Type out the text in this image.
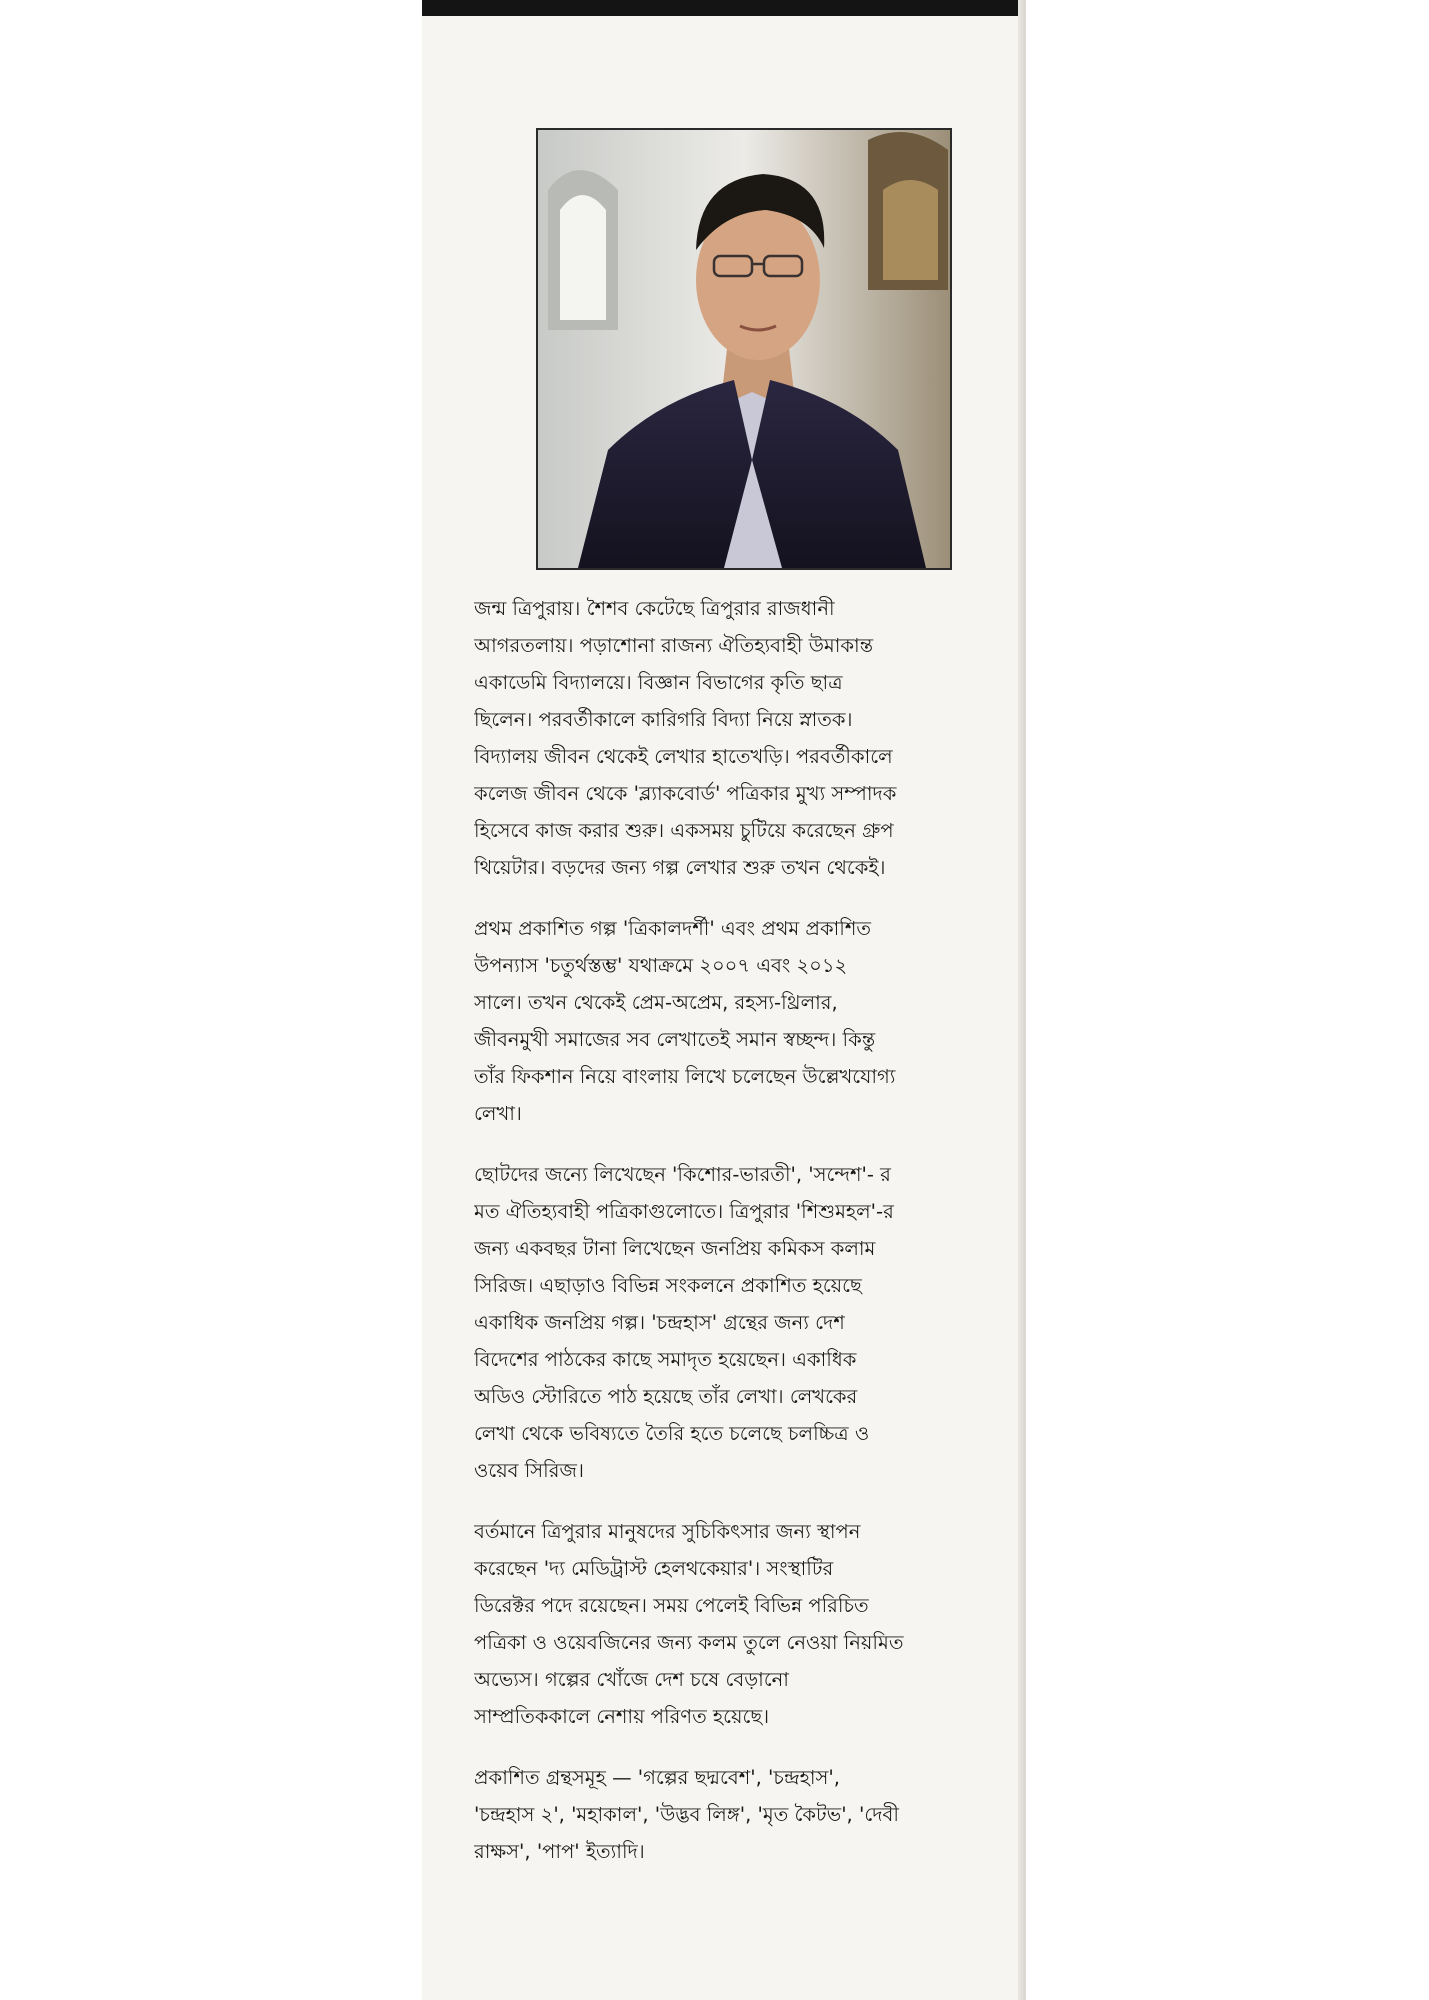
জন্ম ত্রিপুরায়। শৈশব কেটেছে ত্রিপুরার রাজধানী
আগরতলায়। পড়াশোনা রাজন্য ঐতিহ্যবাহী উমাকান্ত
একাডেমি বিদ্যালয়ে। বিজ্ঞান বিভাগের কৃতি ছাত্র
ছিলেন। পরবর্তীকালে কারিগরি বিদ্যা নিয়ে স্নাতক।
বিদ্যালয় জীবন থেকেই লেখার হাতেখড়ি। পরবর্তীকালে
কলেজ জীবন থেকে 'ব্ল্যাকবোর্ড' পত্রিকার মুখ্য সম্পাদক
হিসেবে কাজ করার শুরু। একসময় চুটিয়ে করেছেন গ্রুপ
থিয়েটার। বড়দের জন্য গল্প লেখার শুরু তখন থেকেই।

প্রথম প্রকাশিত গল্প 'ত্রিকালদর্শী' এবং প্রথম প্রকাশিত
উপন্যাস 'চতুর্থস্তম্ভ' যথাক্রমে ২০০৭ এবং ২০১২
সালে। তখন থেকেই প্রেম-অপ্রেম, রহস্য-থ্রিলার,
জীবনমুখী সমাজের সব লেখাতেই সমান স্বচ্ছন্দ। কিন্তু
তাঁর ফিকশান নিয়ে বাংলায় লিখে চলেছেন উল্লেখযোগ্য
লেখা।

ছোটদের জন্যে লিখেছেন 'কিশোর-ভারতী', 'সন্দেশ'- র
মত ঐতিহ্যবাহী পত্রিকাগুলোতে। ত্রিপুরার 'শিশুমহল'-র
জন্য একবছর টানা লিখেছেন জনপ্রিয় কমিকস কলাম
সিরিজ। এছাড়াও বিভিন্ন সংকলনে প্রকাশিত হয়েছে
একাধিক জনপ্রিয় গল্প। 'চন্দ্রহাস' গ্রন্থের জন্য দেশ
বিদেশের পাঠকের কাছে সমাদৃত হয়েছেন। একাধিক
অডিও স্টোরিতে পাঠ হয়েছে তাঁর লেখা। লেখকের
লেখা থেকে ভবিষ্যতে তৈরি হতে চলেছে চলচ্চিত্র ও
ওয়েব সিরিজ।

বর্তমানে ত্রিপুরার মানুষদের সুচিকিৎসার জন্য স্থাপন
করেছেন 'দ্য মেডিট্রাস্ট হেলথকেয়ার'। সংস্থাটির
ডিরেক্টর পদে রয়েছেন। সময় পেলেই বিভিন্ন পরিচিত
পত্রিকা ও ওয়েবজিনের জন্য কলম তুলে নেওয়া নিয়মিত
অভ্যেস। গল্পের খোঁজে দেশ চষে বেড়ানো
সাম্প্রতিককালে নেশায় পরিণত হয়েছে।

প্রকাশিত গ্রন্থসমূহ — 'গল্পের ছদ্মবেশ', 'চন্দ্রহাস',
'চন্দ্রহাস ২', 'মহাকাল', 'উদ্ভব লিঙ্গ', 'মৃত কৈটভ', 'দেবী
রাক্ষস', 'পাপ' ইত্যাদি।
